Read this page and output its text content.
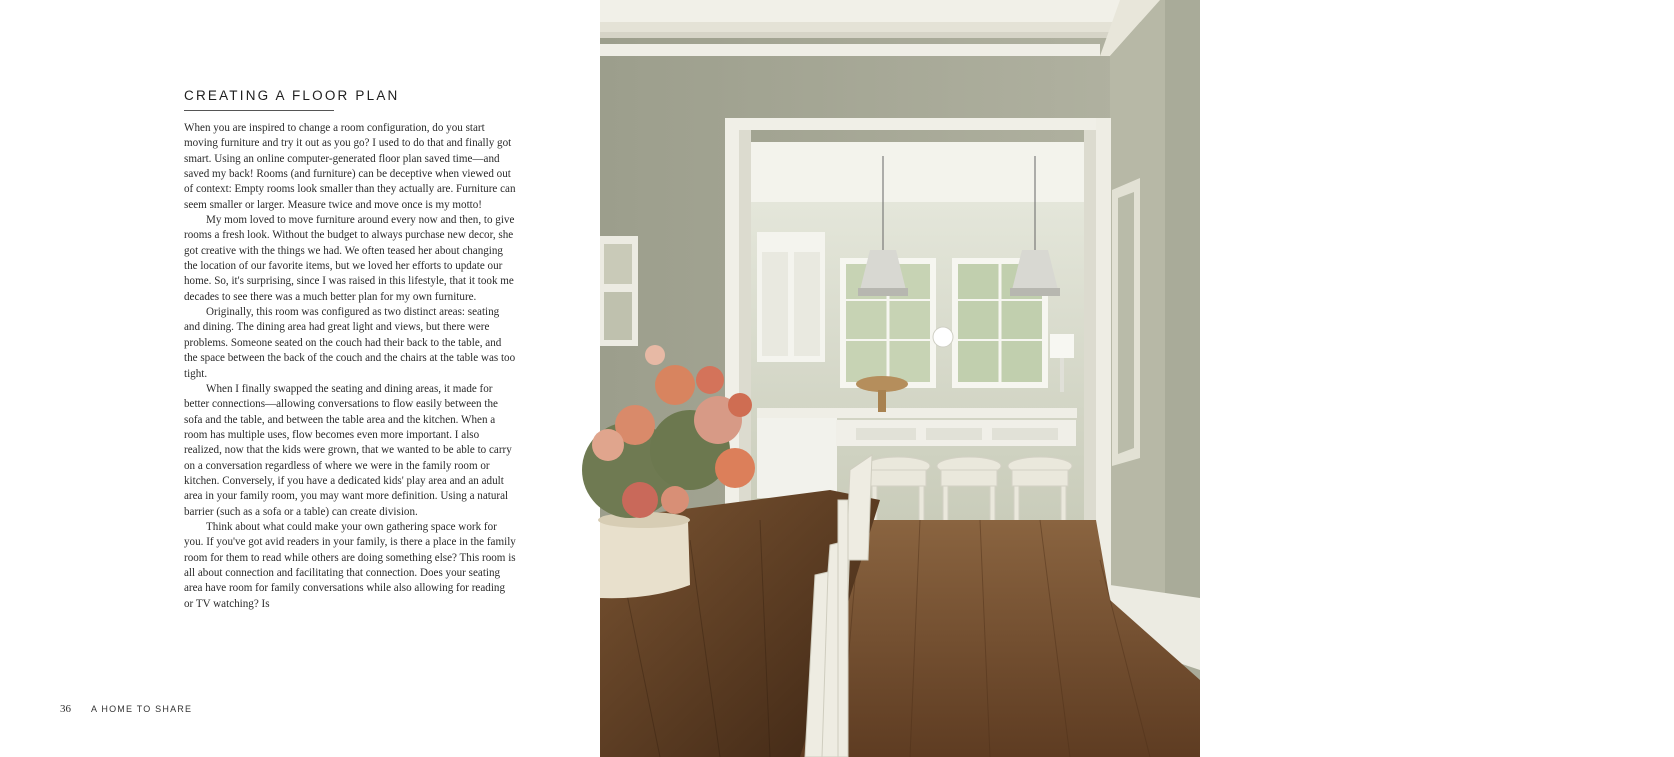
CREATING A FLOOR PLAN

When you are inspired to change a room configuration, do you start moving furniture and try it out as you go? I used to do that and finally got smart. Using an online computer-generated floor plan saved time—and saved my back! Rooms (and furniture) can be deceptive when viewed out of context: Empty rooms look smaller than they actually are. Furniture can seem smaller or larger. Measure twice and move once is my motto!

My mom loved to move furniture around every now and then, to give rooms a fresh look. Without the budget to always purchase new decor, she got creative with the things we had. We often teased her about changing the location of our favorite items, but we loved her efforts to update our home. So, it's surprising, since I was raised in this lifestyle, that it took me decades to see there was a much better plan for my own furniture.

Originally, this room was configured as two distinct areas: seating and dining. The dining area had great light and views, but there were problems. Someone seated on the couch had their back to the table, and the space between the back of the couch and the chairs at the table was too tight.

When I finally swapped the seating and dining areas, it made for better connections—allowing conversations to flow easily between the sofa and the table, and between the table area and the kitchen. When a room has multiple uses, flow becomes even more important. I also realized, now that the kids were grown, that we wanted to be able to carry on a conversation regardless of where we were in the family room or kitchen. Conversely, if you have a dedicated kids' play area and an adult area in your family room, you may want more definition. Using a natural barrier (such as a sofa or a table) can create division.

Think about what could make your own gathering space work for you. If you've got avid readers in your family, is there a place in the family room for them to read while others are doing something else? This room is all about connection and facilitating that connection. Does your seating area have room for family conversations while also allowing for reading or TV watching? Is

36 A HOME TO SHARE

With the dining table just outside the kitchen, and our TV mounted on the wall opposite the kitchen entryway, the distance from food prep to table was shortened and those of us in the kitchen no longer miss a big play when we're watching a game!
